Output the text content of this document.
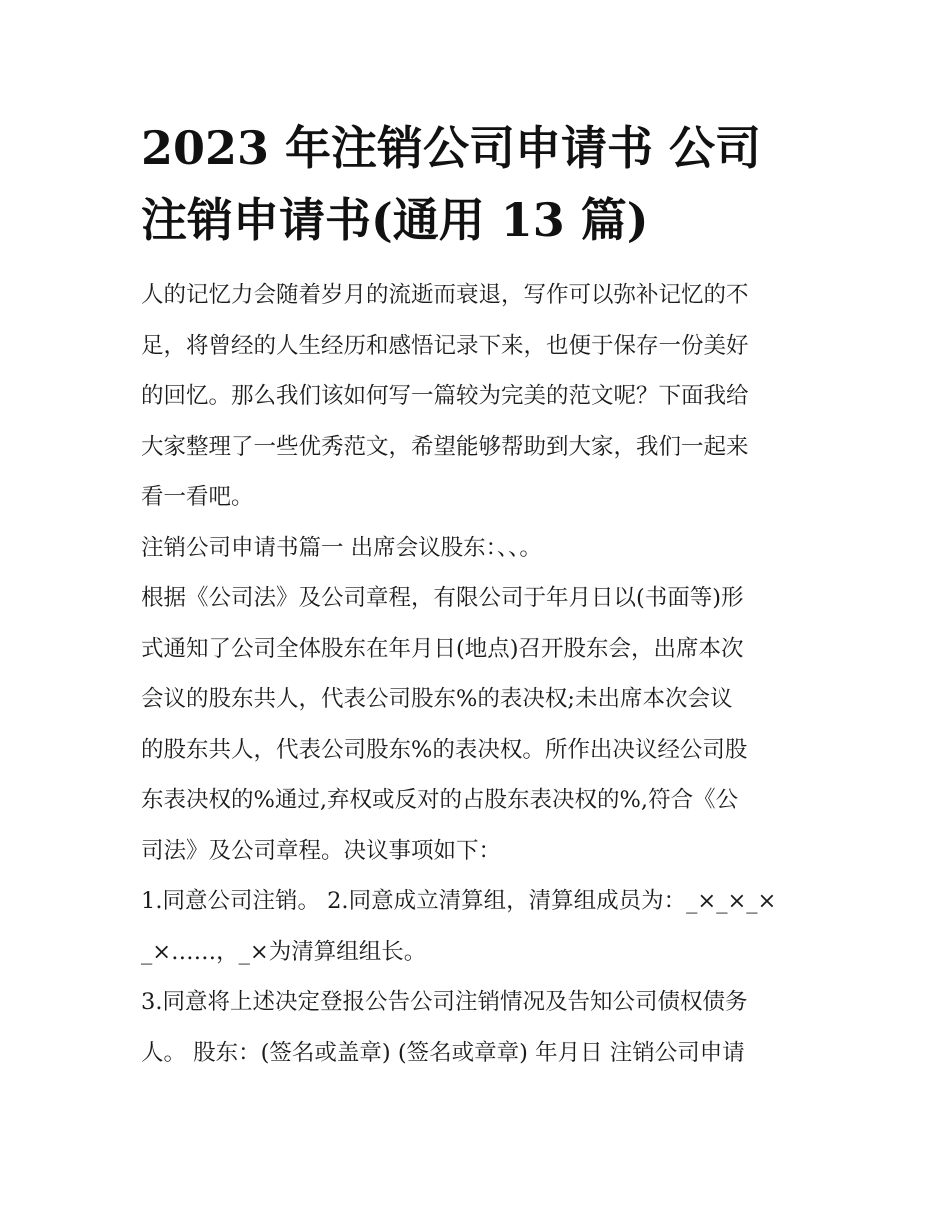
2023 年注销公司申请书 公司
注销申请书(通用 13 篇)

人的记忆力会随着岁月的流逝而衰退，写作可以弥补记忆的不
足，将曾经的人生经历和感悟记录下来，也便于保存一份美好
的回忆。那么我们该如何写一篇较为完美的范文呢？下面我给
大家整理了一些优秀范文，希望能够帮助到大家，我们一起来
看一看吧。

注销公司申请书篇一 出席会议股东：、、。

根据《公司法》及公司章程，有限公司于年月日以(书面等)形
式通知了公司全体股东在年月日(地点)召开股东会，出席本次
会议的股东共人，代表公司股东%的表决权;未出席本次会议
的股东共人，代表公司股东%的表决权。所作出决议经公司股
东表决权的%通过,弃权或反对的占股东表决权的%,符合《公
司法》及公司章程。决议事项如下：

1.同意公司注销。 2.同意成立清算组，清算组成员为：_×_×_×
_×……，_×为清算组组长。

3.同意将上述决定登报公告公司注销情况及告知公司债权债务
人。 股东：(签名或盖章) (签名或章章) 年月日 注销公司申请
